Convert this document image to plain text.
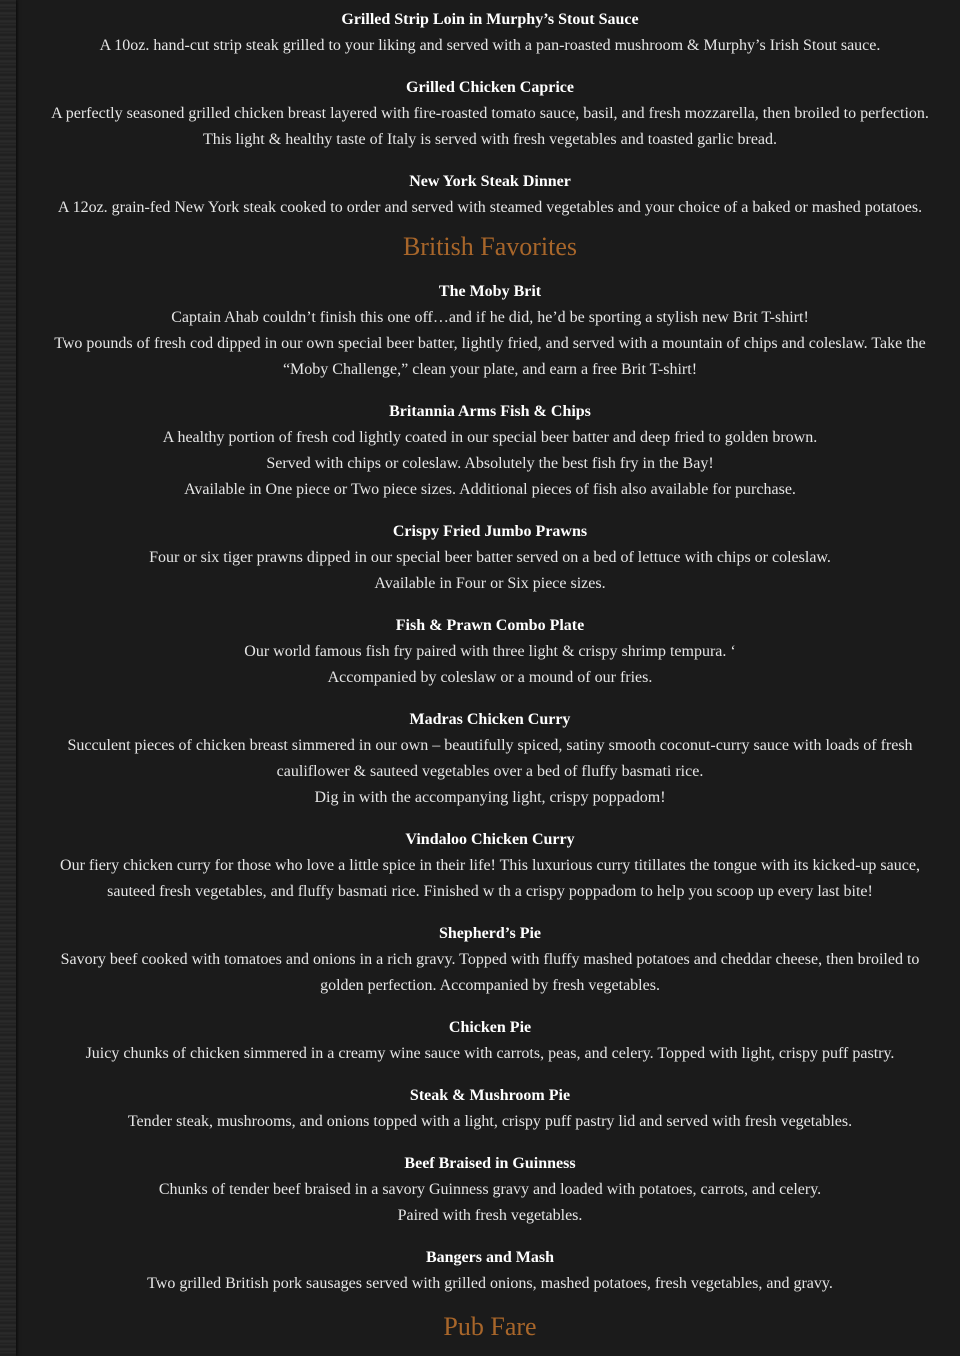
Grilled Strip Loin in Murphy’s Stout Sauce
A 10oz. hand-cut strip steak grilled to your liking and served with a pan-roasted mushroom & Murphy’s Irish Stout sauce.
Grilled Chicken Caprice
A perfectly seasoned grilled chicken breast layered with fire-roasted tomato sauce, basil, and fresh mozzarella, then broiled to perfection. This light & healthy taste of Italy is served with fresh vegetables and toasted garlic bread.
New York Steak Dinner
A 12oz. grain-fed New York steak cooked to order and served with steamed vegetables and your choice of a baked or mashed potatoes.
British Favorites
The Moby Brit
Captain Ahab couldn’t finish this one off…and if he did, he’d be sporting a stylish new Brit T-shirt!
Two pounds of fresh cod dipped in our own special beer batter, lightly fried, and served with a mountain of chips and coleslaw. Take the “Moby Challenge,” clean your plate, and earn a free Brit T-shirt!
Britannia Arms Fish & Chips
A healthy portion of fresh cod lightly coated in our special beer batter and deep fried to golden brown.
Served with chips or coleslaw. Absolutely the best fish fry in the Bay!
Available in One piece or Two piece sizes. Additional pieces of fish also available for purchase.
Crispy Fried Jumbo Prawns
Four or six tiger prawns dipped in our special beer batter served on a bed of lettuce with chips or coleslaw.
Available in Four or Six piece sizes.
Fish & Prawn Combo Plate
Our world famous fish fry paired with three light & crispy shrimp tempura. ‘
Accompanied by coleslaw or a mound of our fries.
Madras Chicken Curry
Succulent pieces of chicken breast simmered in our own – beautifully spiced, satiny smooth coconut-curry sauce with loads of fresh cauliflower & sauteed vegetables over a bed of fluffy basmati rice.
Dig in with the accompanying light, crispy poppadom!
Vindaloo Chicken Curry
Our fiery chicken curry for those who love a little spice in their life! This luxurious curry titillates the tongue with its kicked-up sauce, sauteed fresh vegetables, and fluffy basmati rice. Finished w th a crispy poppadom to help you scoop up every last bite!
Shepherd’s Pie
Savory beef cooked with tomatoes and onions in a rich gravy. Topped with fluffy mashed potatoes and cheddar cheese, then broiled to golden perfection. Accompanied by fresh vegetables.
Chicken Pie
Juicy chunks of chicken simmered in a creamy wine sauce with carrots, peas, and celery. Topped with light, crispy puff pastry.
Steak & Mushroom Pie
Tender steak, mushrooms, and onions topped with a light, crispy puff pastry lid and served with fresh vegetables.
Beef Braised in Guinness
Chunks of tender beef braised in a savory Guinness gravy and loaded with potatoes, carrots, and celery.
Paired with fresh vegetables.
Bangers and Mash
Two grilled British pork sausages served with grilled onions, mashed potatoes, fresh vegetables, and gravy.
Pub Fare
